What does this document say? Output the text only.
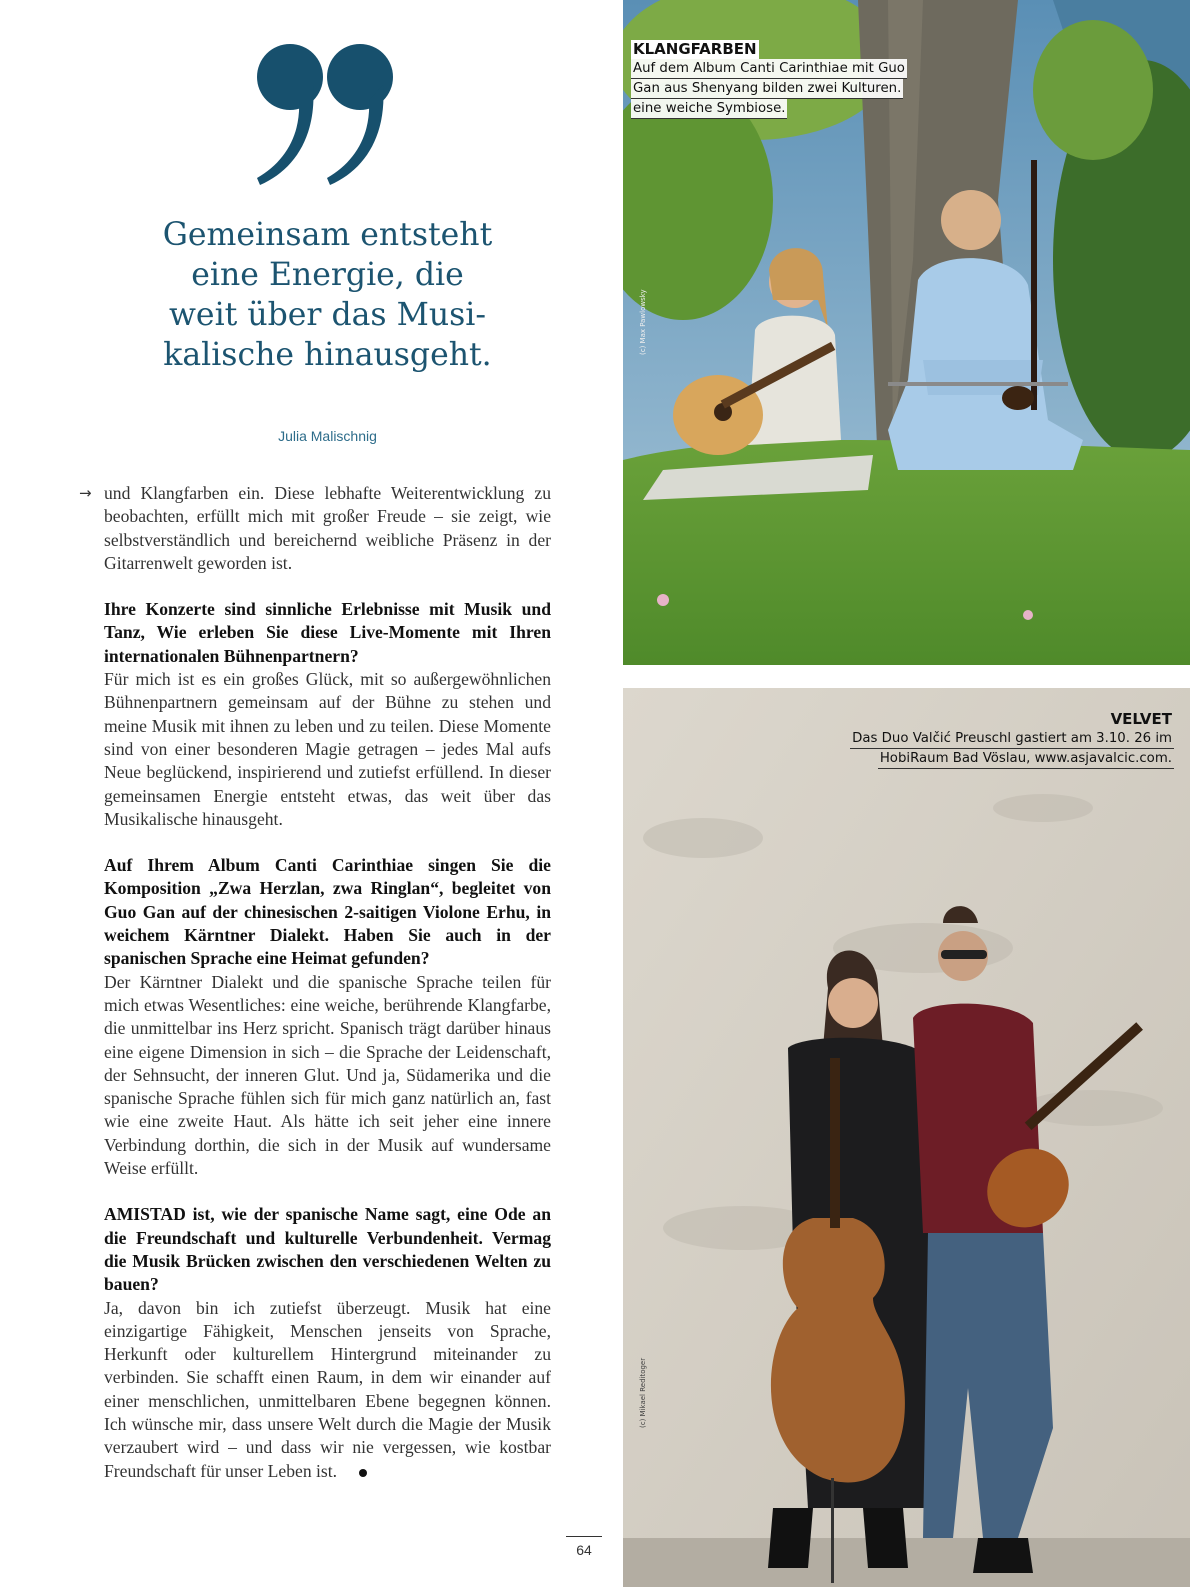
Gemeinsam entsteht
eine Energie, die
weit über das Musi-
kalische hinausgeht.
Julia Malischnig
→ und Klangfarben ein. Diese lebhafte Weiterentwicklung zu beobachten, erfüllt mich mit großer Freude – sie zeigt, wie selbstverständlich und bereichernd weibliche Präsenz in der Gitarrenwelt geworden ist.

Ihre Konzerte sind sinnliche Erlebnisse mit Musik und Tanz, Wie erleben Sie diese Live-Momente mit Ihren internationalen Bühnenpartnern?

Für mich ist es ein großes Glück, mit so außergewöhnlichen Bühnenpartnern gemeinsam auf der Bühne zu stehen und meine Musik mit ihnen zu leben und zu teilen. Diese Momente sind von einer besonderen Magie getragen – jedes Mal aufs Neue beglückend, inspirierend und zutiefst erfüllend. In dieser gemeinsamen Energie entsteht etwas, das weit über das Musikalische hinausgeht.

Auf Ihrem Album Canti Carinthiae singen Sie die Komposition „Zwa Herzlan, zwa Ringlan“, begleitet von Guo Gan auf der chinesischen 2-saitigen Violone Erhu, in weichem Kärntner Dialekt. Haben Sie auch in der spanischen Sprache eine Heimat gefunden?

Der Kärntner Dialekt und die spanische Sprache teilen für mich etwas Wesentliches: eine weiche, berührende Klangfarbe, die unmittelbar ins Herz spricht. Spanisch trägt darüber hinaus eine eigene Dimension in sich – die Sprache der Leidenschaft, der Sehnsucht, der inneren Glut. Und ja, Südamerika und die spanische Sprache fühlen sich für mich ganz natürlich an, fast wie eine zweite Haut. Als hätte ich seit jeher eine innere Verbindung dorthin, die sich in der Musik auf wundersame Weise erfüllt.

AMISTAD ist, wie der spanische Name sagt, eine Ode an die Freundschaft und kulturelle Verbundenheit. Vermag die Musik Brücken zwischen den verschiedenen Welten zu bauen?

Ja, davon bin ich zutiefst überzeugt. Musik hat eine einzigartige Fähigkeit, Menschen jenseits von Sprache, Herkunft oder kulturellem Hintergrund miteinander zu verbinden. Sie schafft einen Raum, in dem wir einander auf einer menschlichen, unmittelbaren Ebene begegnen können. Ich wünsche mir, dass unsere Welt durch die Magie der Musik verzaubert wird – und dass wir nie vergessen, wie kostbar Freundschaft für unser Leben ist.

64
KLANGFARBEN
Auf dem Album Canti Carinthiae mit Guo
Gan aus Shenyang bilden zwei Kulturen.
eine weiche Symbiose.
(c) Max Pawlowsky
VELVET
Das Duo Valčić Preuschl gastiert am 3.10. 26 im
HobiRaum Bad Vöslau, www.asjavalcic.com.
(c) Mikael Reditoger
